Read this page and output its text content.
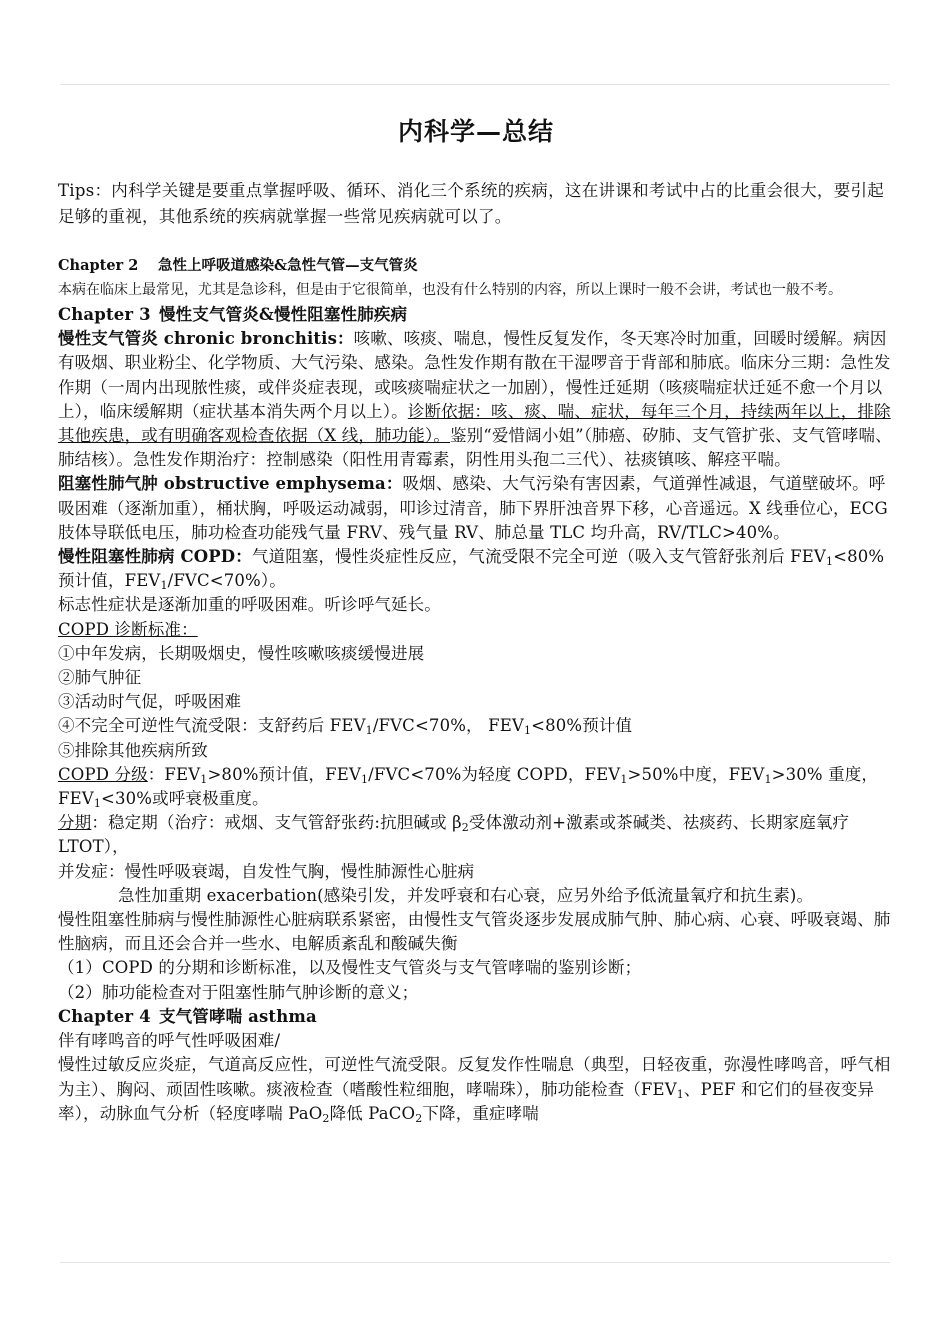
内科学—总结

Tips：内科学关键是要重点掌握呼吸、循环、消化三个系统的疾病，这在讲课和考试中占的比重会很大，要引起足够的重视，其他系统的疾病就掌握一些常见疾病就可以了。

Chapter 2 急性上呼吸道感染&急性气管—支气管炎
本病在临床上最常见，尤其是急诊科，但是由于它很简单，也没有什么特别的内容，所以上课时一般不会讲，考试也一般不考。

Chapter 3 慢性支气管炎&慢性阻塞性肺疾病

慢性支气管炎 chronic bronchitis：咳嗽、咳痰、喘息，慢性反复发作，冬天寒冷时加重，回暖时缓解。病因有吸烟、职业粉尘、化学物质、大气污染、感染。急性发作期有散在干湿啰音于背部和肺底。临床分三期：急性发作期（一周内出现脓性痰，或伴炎症表现，或咳痰喘症状之一加剧），慢性迁延期（咳痰喘症状迁延不愈一个月以上），临床缓解期（症状基本消失两个月以上）。诊断依据：咳、痰、喘、症状，每年三个月，持续两年以上，排除其他疾患，或有明确客观检查依据（X 线，肺功能）。鉴别“爱惜阔小姐”（肺癌、矽肺、支气管扩张、支气管哮喘、肺结核）。急性发作期治疗：控制感染（阳性用青霉素，阴性用头孢二三代）、祛痰镇咳、解痉平喘。

阻塞性肺气肿 obstructive emphysema：吸烟、感染、大气污染有害因素，气道弹性减退，气道壁破坏。呼吸困难（逐渐加重），桶状胸，呼吸运动减弱，叩诊过清音，肺下界肝浊音界下移，心音遥远。X 线垂位心，ECG 肢体导联低电压，肺功检查功能残气量 FRV、残气量 RV、肺总量 TLC 均升高，RV/TLC>40%。

慢性阻塞性肺病 COPD：气道阻塞，慢性炎症性反应，气流受限不完全可逆（吸入支气管舒张剂后 $FEV_1<80\%$预计值，$FEV_1/FVC<70\%$）。

标志性症状是逐渐加重的呼吸困难。听诊呼气延长。

COPD 诊断标准：

①中年发病，长期吸烟史，慢性咳嗽咳痰缓慢进展

②肺气肿征

③活动时气促，呼吸困难

④不完全可逆性气流受限：支舒药后 $FEV_1/FVC<70\%$， $FEV_1<80\%$预计值

⑤排除其他疾病所致

COPD 分级：$FEV_1>80\%$预计值，$FEV_1/FVC<70\%$为轻度 COPD，$FEV_1>50\%$中度，$FEV_1>30\%$ 重度，$FEV_1<30\%$或呼衰极重度。

分期：稳定期（治疗：戒烟、支气管舒张药:抗胆碱或 $\beta_2$受体激动剂+激素或茶碱类、祛痰药、长期家庭氧疗 LTOT），

并发症：慢性呼吸衰竭，自发性气胸，慢性肺源性心脏病

急性加重期 exacerbation(感染引发，并发呼衰和右心衰，应另外给予低流量氧疗和抗生素)。

慢性阻塞性肺病与慢性肺源性心脏病联系紧密，由慢性支气管炎逐步发展成肺气肿、肺心病、心衰、呼吸衰竭、肺性脑病，而且还会合并一些水、电解质紊乱和酸碱失衡

（1）COPD 的分期和诊断标准，以及慢性支气管炎与支气管哮喘的鉴别诊断；

（2）肺功能检查对于阻塞性肺气肿诊断的意义；

Chapter 4 支气管哮喘 asthma

伴有哮鸣音的呼气性呼吸困难/

慢性过敏反应炎症，气道高反应性，可逆性气流受限。反复发作性喘息（典型，日轻夜重，弥漫性哮鸣音，呼气相为主）、胸闷、顽固性咳嗽。痰液检查（嗜酸性粒细胞，哮喘珠），肺功能检查（$FEV_1$、PEF 和它们的昼夜变异率），动脉血气分析（轻度哮喘 PaO$_2$降低 PaCO$_2$下降，重症哮喘
